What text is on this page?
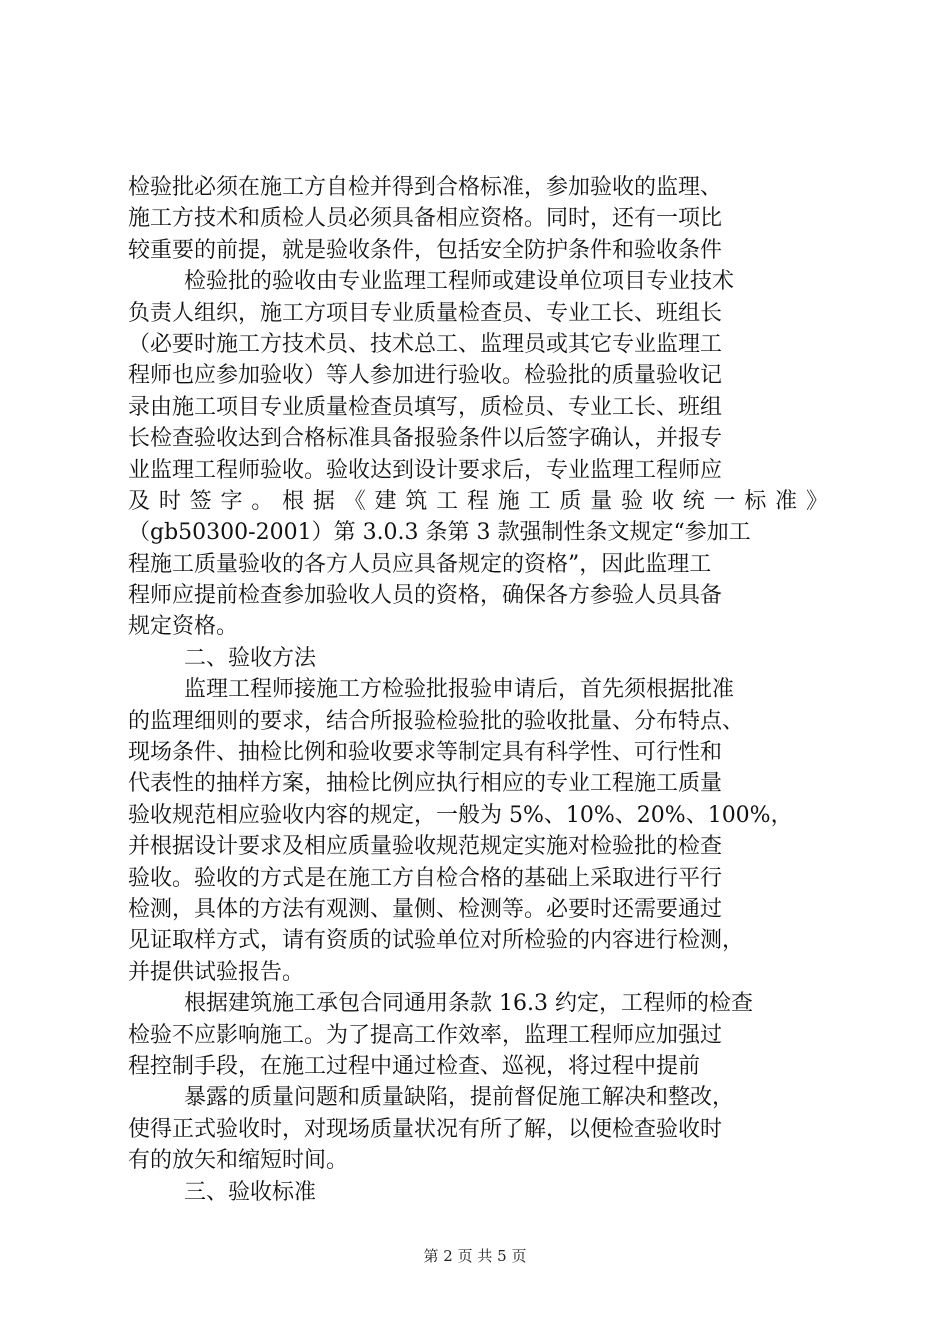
检验批必须在施工方自检并得到合格标准，参加验收的监理、
施工方技术和质检人员必须具备相应资格。同时，还有一项比
较重要的前提，就是验收条件，包括安全防护条件和验收条件
检验批的验收由专业监理工程师或建设单位项目专业技术
负责人组织，施工方项目专业质量检查员、专业工长、班组长
（必要时施工方技术员、技术总工、监理员或其它专业监理工
程师也应参加验收）等人参加进行验收。检验批的质量验收记
录由施工项目专业质量检查员填写，质检员、专业工长、班组
长检查验收达到合格标准具备报验条件以后签字确认，并报专
业监理工程师验收。验收达到设计要求后，专业监理工程师应
及时签字。根据《建筑工程施工质量验收统一标准》
（gb50300-2001）第 3.0.3 条第 3 款强制性条文规定“参加工
程施工质量验收的各方人员应具备规定的资格”，因此监理工
程师应提前检查参加验收人员的资格，确保各方参验人员具备
规定资格。
二、验收方法
监理工程师接施工方检验批报验申请后，首先须根据批准
的监理细则的要求，结合所报验检验批的验收批量、分布特点、
现场条件、抽检比例和验收要求等制定具有科学性、可行性和
代表性的抽样方案，抽检比例应执行相应的专业工程施工质量
验收规范相应验收内容的规定，一般为 5%、10%、20%、100%，
并根据设计要求及相应质量验收规范规定实施对检验批的检查
验收。验收的方式是在施工方自检合格的基础上采取进行平行
检测，具体的方法有观测、量侧、检测等。必要时还需要通过
见证取样方式，请有资质的试验单位对所检验的内容进行检测，
并提供试验报告。
根据建筑施工承包合同通用条款 16.3 约定，工程师的检查
检验不应影响施工。为了提高工作效率，监理工程师应加强过
程控制手段，在施工过程中通过检查、巡视，将过程中提前
暴露的质量问题和质量缺陷，提前督促施工解决和整改，
使得正式验收时，对现场质量状况有所了解，以便检查验收时
有的放矢和缩短时间。
三、验收标准
第 2 页 共 5 页
